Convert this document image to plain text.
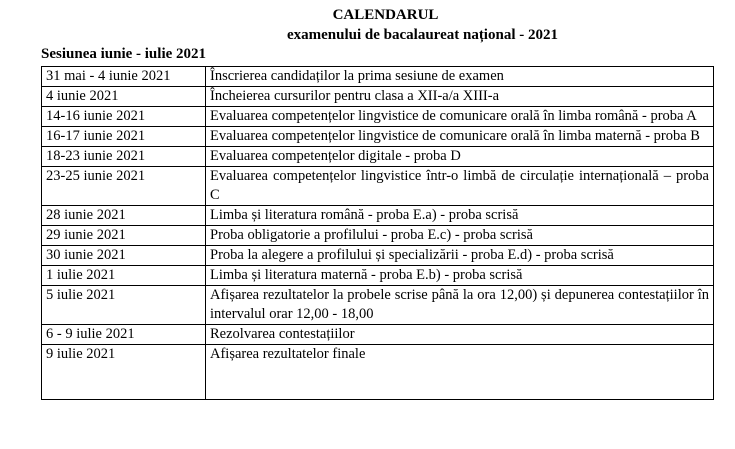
CALENDARUL
examenului de bacalaureat național - 2021
Sesiunea iunie - iulie 2021
31 mai - 4 iunie 2021	Înscrierea candidaților la prima sesiune de examen
4 iunie 2021	Încheierea cursurilor pentru clasa a XII-a/a XIII-a
14-16 iunie 2021	Evaluarea competențelor lingvistice de comunicare orală în limba română - proba A
16-17 iunie 2021	Evaluarea competențelor lingvistice de comunicare orală în limba maternă - proba B
18-23 iunie 2021	Evaluarea competențelor digitale - proba D
23-25 iunie 2021	Evaluarea competențelor lingvistice într-o limbă de circulație internațională – proba C
28 iunie 2021	Limba și literatura română - proba E.a) - proba scrisă
29 iunie 2021	Proba obligatorie a profilului - proba E.c) - proba scrisă
30 iunie 2021	Proba la alegere a profilului și specializării - proba E.d) - proba scrisă
1 iulie 2021	Limba și literatura maternă - proba E.b) - proba scrisă
5 iulie 2021	Afișarea rezultatelor la probele scrise până la ora 12,00) și depunerea contestațiilor în intervalul orar 12,00 - 18,00
6 - 9 iulie 2021	Rezolvarea contestațiilor
9 iulie 2021	Afișarea rezultatelor finale
